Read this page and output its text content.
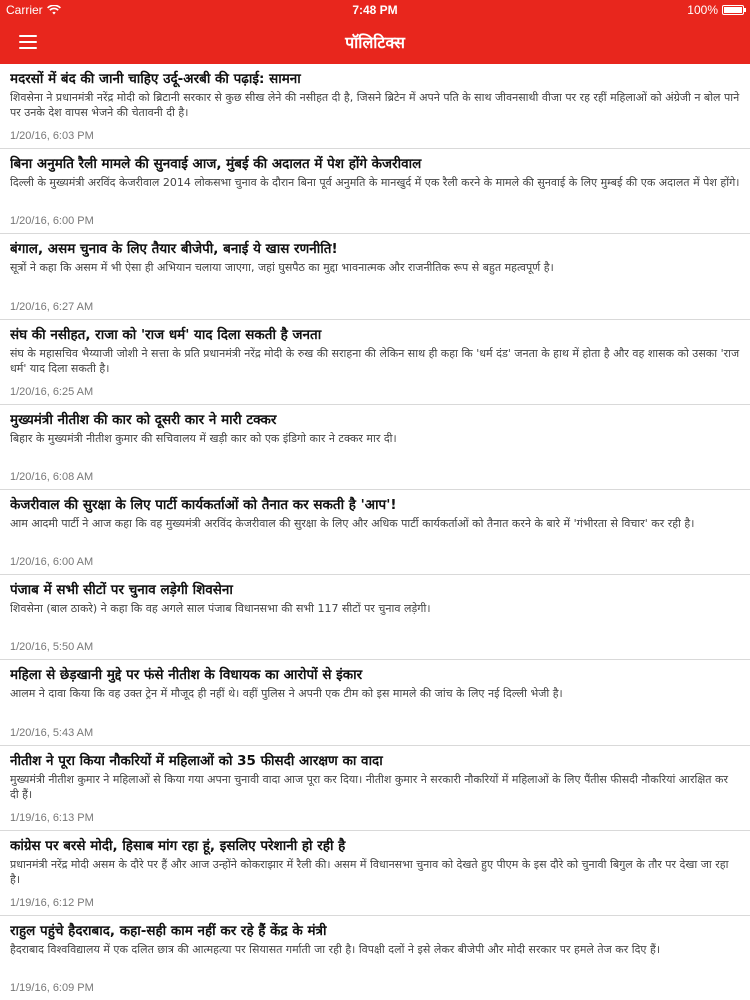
Carrier	7:48 PM	100%
पॉलिटिक्स
मदरसों में बंद की जानी चाहिए उर्दू-अरबी की पढ़ाई: सामना
शिवसेना ने प्रधानमंत्री नरेंद्र मोदी को ब्रिटानी सरकार से कुछ सीख लेने की नसीहत दी है, जिसने ब्रिटेन में अपने पति के साथ जीवनसाथी वीजा पर रह रहीं महिलाओं को अंग्रेजी न बोल पाने पर उनके देश वापस भेजने की चेतावनी दी है।
1/20/16, 6:03 PM
बिना अनुमति रैली मामले की सुनवाई आज, मुंबई की अदालत में पेश होंगे केजरीवाल
दिल्ली के मुख्यमंत्री अरविंद केजरीवाल 2014 लोकसभा चुनाव के दौरान बिना पूर्व अनुमति के मानखुर्द में एक रैली करने के मामले की सुनवाई के लिए मुम्बई की एक अदालत में पेश होंगे।
1/20/16, 6:00 PM
बंगाल, असम चुनाव के लिए तैयार बीजेपी, बनाई ये खास रणनीति!
सूत्रों ने कहा कि असम में भी ऐसा ही अभियान चलाया जाएगा, जहां घुसपैठ का मुद्दा भावनात्मक और राजनीतिक रूप से बहुत महत्वपूर्ण है।
1/20/16, 6:27 AM
संघ की नसीहत, राजा को 'राज धर्म' याद दिला सकती है जनता
संघ के महासचिव भैय्याजी जोशी ने सत्ता के प्रति प्रधानमंत्री नरेंद्र मोदी के रुख की सराहना की लेकिन साथ ही कहा कि 'धर्म दंड' जनता के हाथ में होता है और वह शासक को उसका 'राज धर्म' याद दिला सकती है।
1/20/16, 6:25 AM
मुख्यमंत्री नीतीश की कार को दूसरी कार ने मारी टक्कर
बिहार के मुख्यमंत्री नीतीश कुमार की सचिवालय में खड़ी कार को एक इंडिगो कार ने टक्कर मार दी।
1/20/16, 6:08 AM
केजरीवाल की सुरक्षा के लिए पार्टी कार्यकर्ताओं को तैनात कर सकती है 'आप'!
आम आदमी पार्टी ने आज कहा कि वह मुख्यमंत्री अरविंद केजरीवाल की सुरक्षा के लिए और अधिक पार्टी कार्यकर्ताओं को तैनात करने के बारे में 'गंभीरता से विचार' कर रही है।
1/20/16, 6:00 AM
पंजाब में सभी सीटों पर चुनाव लड़ेगी शिवसेना
शिवसेना (बाल ठाकरे) ने कहा कि वह अगले साल पंजाब विधानसभा की सभी 117 सीटों पर चुनाव लड़ेगी।
1/20/16, 5:50 AM
महिला से छेड़खानी मुद्दे पर फंसे नीतीश के विधायक का आरोपों से इंकार
आलम ने दावा किया कि वह उक्त ट्रेन में मौजूद ही नहीं थे। वहीं पुलिस ने अपनी एक टीम को इस मामले की जांच के लिए नई दिल्ली भेजी है।
1/20/16, 5:43 AM
नीतीश ने पूरा किया नौकरियों में महिलाओं को 35 फीसदी आरक्षण का वादा
मुख्यमंत्री नीतीश कुमार ने महिलाओं से किया गया अपना चुनावी वादा आज पूरा कर दिया। नीतीश कुमार ने सरकारी नौकरियों में महिलाओं के लिए पैंतीस फीसदी नौकरियां आरक्षित कर दी हैं।
1/19/16, 6:13 PM
कांग्रेस पर बरसे मोदी, हिसाब मांग रहा हूं, इसलिए परेशानी हो रही है
प्रधानमंत्री नरेंद्र मोदी असम के दौरे पर हैं और आज उन्होंने कोकराझार में रैली की। असम में विधानसभा चुनाव को देखते हुए पीएम के इस दौरे को चुनावी बिगुल के तौर पर देखा जा रहा है।
1/19/16, 6:12 PM
राहुल पहुंचे हैदराबाद, कहा-सही काम नहीं कर रहे हैं केंद्र के मंत्री
हैदराबाद विश्वविद्यालय में एक दलित छात्र की आत्महत्या पर सियासत गर्माती जा रही है। विपक्षी दलों ने इसे लेकर बीजेपी और मोदी सरकार पर हमले तेज कर दिए हैं।
1/19/16, 6:09 PM
